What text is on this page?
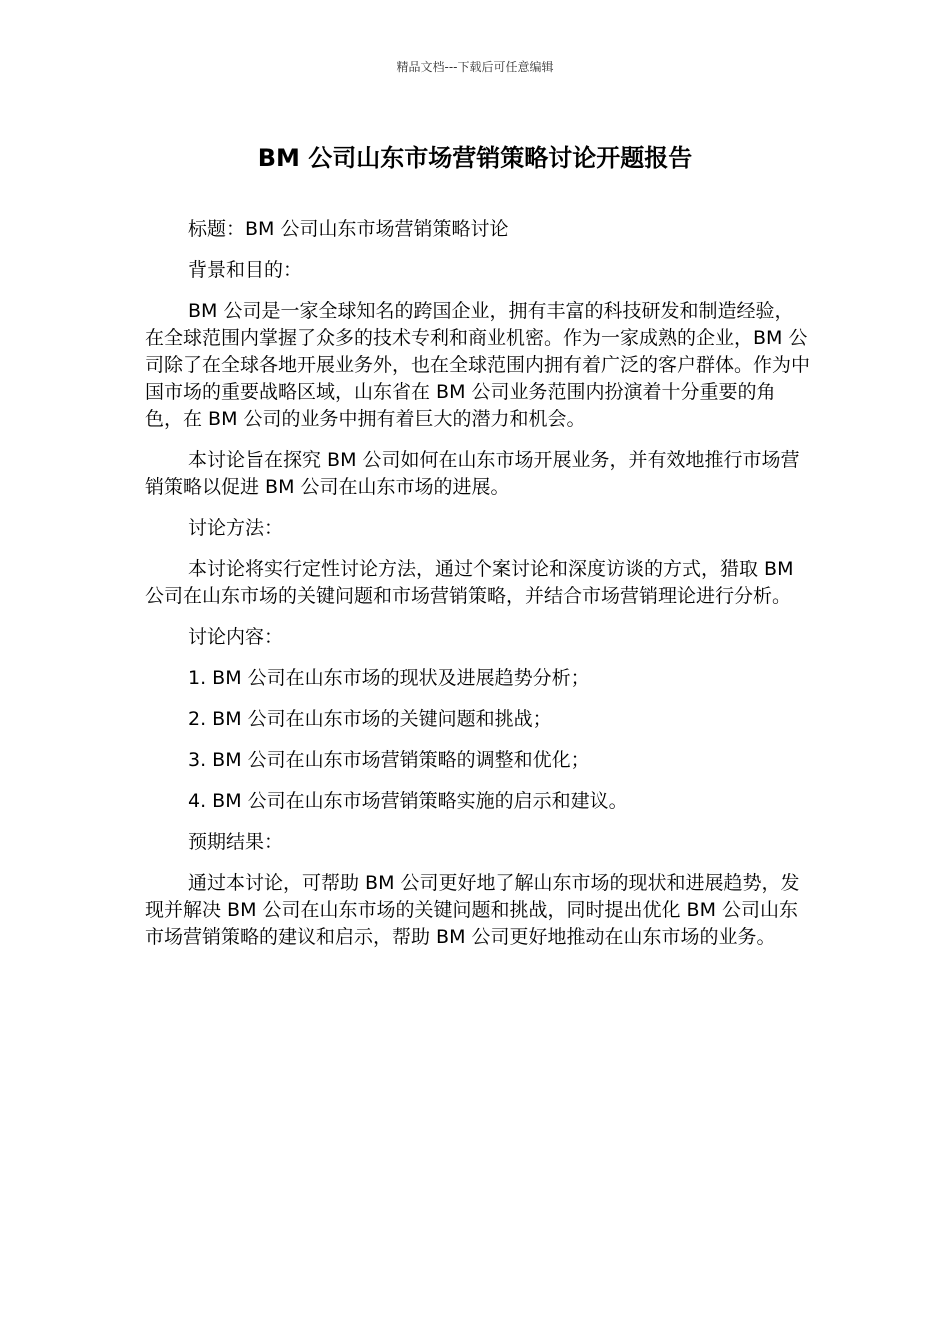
精品文档---下载后可任意编辑
BM 公司山东市场营销策略讨论开题报告

标题：BM 公司山东市场营销策略讨论

背景和目的：

BM 公司是一家全球知名的跨国企业，拥有丰富的科技研发和制造经验，在全球范围内掌握了众多的技术专利和商业机密。作为一家成熟的企业，BM 公司除了在全球各地开展业务外，也在全球范围内拥有着广泛的客户群体。作为中国市场的重要战略区域，山东省在 BM 公司业务范围内扮演着十分重要的角色，在 BM 公司的业务中拥有着巨大的潜力和机会。

本讨论旨在探究 BM 公司如何在山东市场开展业务，并有效地推行市场营销策略以促进 BM 公司在山东市场的进展。

讨论方法：

本讨论将实行定性讨论方法，通过个案讨论和深度访谈的方式，猎取 BM 公司在山东市场的关键问题和市场营销策略，并结合市场营销理论进行分析。

讨论内容：

1. BM 公司在山东市场的现状及进展趋势分析；

2. BM 公司在山东市场的关键问题和挑战；

3. BM 公司在山东市场营销策略的调整和优化；

4. BM 公司在山东市场营销策略实施的启示和建议。

预期结果：

通过本讨论，可帮助 BM 公司更好地了解山东市场的现状和进展趋势，发现并解决 BM 公司在山东市场的关键问题和挑战，同时提出优化 BM 公司山东市场营销策略的建议和启示，帮助 BM 公司更好地推动在山东市场的业务。
